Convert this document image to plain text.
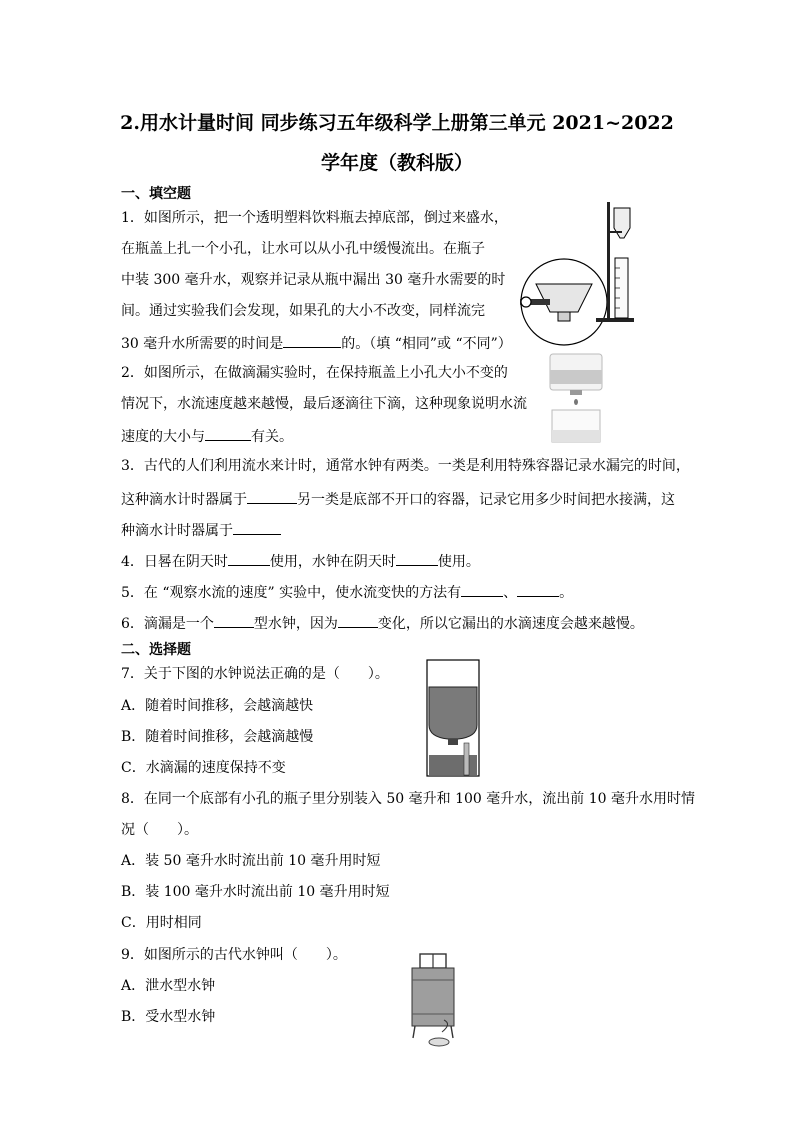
2.用水计量时间 同步练习五年级科学上册第三单元 2021~2022
学年度（教科版）
一、填空题
1．如图所示，把一个透明塑料饮料瓶去掉底部，倒过来盛水，
在瓶盖上扎一个小孔，让水可以从小孔中缓慢流出。在瓶子
中装 300 毫升水，观察并记录从瓶中漏出 30 毫升水需要的时
间。通过实验我们会发现，如果孔的大小不改变，同样流完
30 毫升水所需要的时间是	的。（填 “相同”或 “不同”）
2．如图所示，在做滴漏实验时，在保持瓶盖上小孔大小不变的
情况下，水流速度越来越慢，最后逐滴往下滴，这种现象说明水流
速度的大小与	有关。
3．古代的人们利用流水来计时，通常水钟有两类。一类是利用特殊容器记录水漏完的时间，
这种滴水计时器属于	另一类是底部不开口的容器，记录它用多少时间把水接满，这
种滴水计时器属于
4．日晷在阴天时	使用，水钟在阴天时	使用。
5．在 “观察水流的速度” 实验中，使水流变快的方法有	、	。
6．滴漏是一个	型水钟，因为	变化，所以它漏出的水滴速度会越来越慢。
二、选择题
7．关于下图的水钟说法正确的是（　　）。
A．随着时间推移，会越滴越快
B．随着时间推移，会越滴越慢
C．水滴漏的速度保持不变
8．在同一个底部有小孔的瓶子里分别装入 50 毫升和 100 毫升水，流出前 10 毫升水用时情
况（　　）。
A．装 50 毫升水时流出前 10 毫升用时短
B．装 100 毫升水时流出前 10 毫升用时短
C．用时相同
9．如图所示的古代水钟叫（　　）。
A．泄水型水钟
B．受水型水钟
